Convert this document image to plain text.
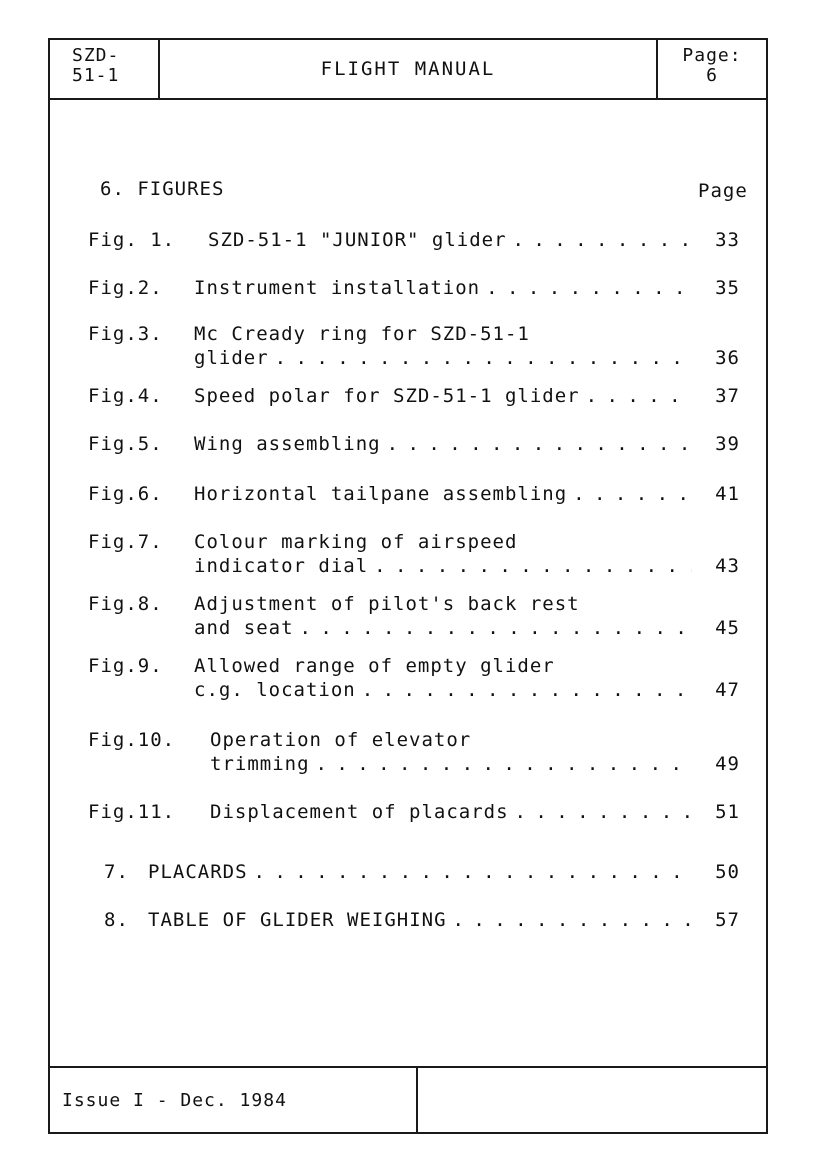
SZD-
51-1	FLIGHT MANUAL
Page:
6
6. FIGURES	Page
Fig. 1. SZD-51-1 "JUNIOR" glider . . .	33
Fig.2. Instrument installation . . .	35
Fig.3. Mc Cready ring for SZD-51-1
glider . . .	36
Fig.4. Speed polar for SZD-51-1 glider . . .	37
Fig.5. Wing assembling . . .	39
Fig.6. Horizontal tailpane assembling . . .	41
Fig.7. Colour marking of airspeed
indicator dial . . .	43
Fig.8. Adjustment of pilot's back rest
and seat . . .	45
Fig.9. Allowed range of empty glider
c.g. location . . .	47
Fig.10. Operation of elevator
trimming . . .	49
Fig.11. Displacement of placards . . .	51
7. PLACARDS . . .	50
8. TABLE OF GLIDER WEIGHING . . .	57
Issue I - Dec. 1984
